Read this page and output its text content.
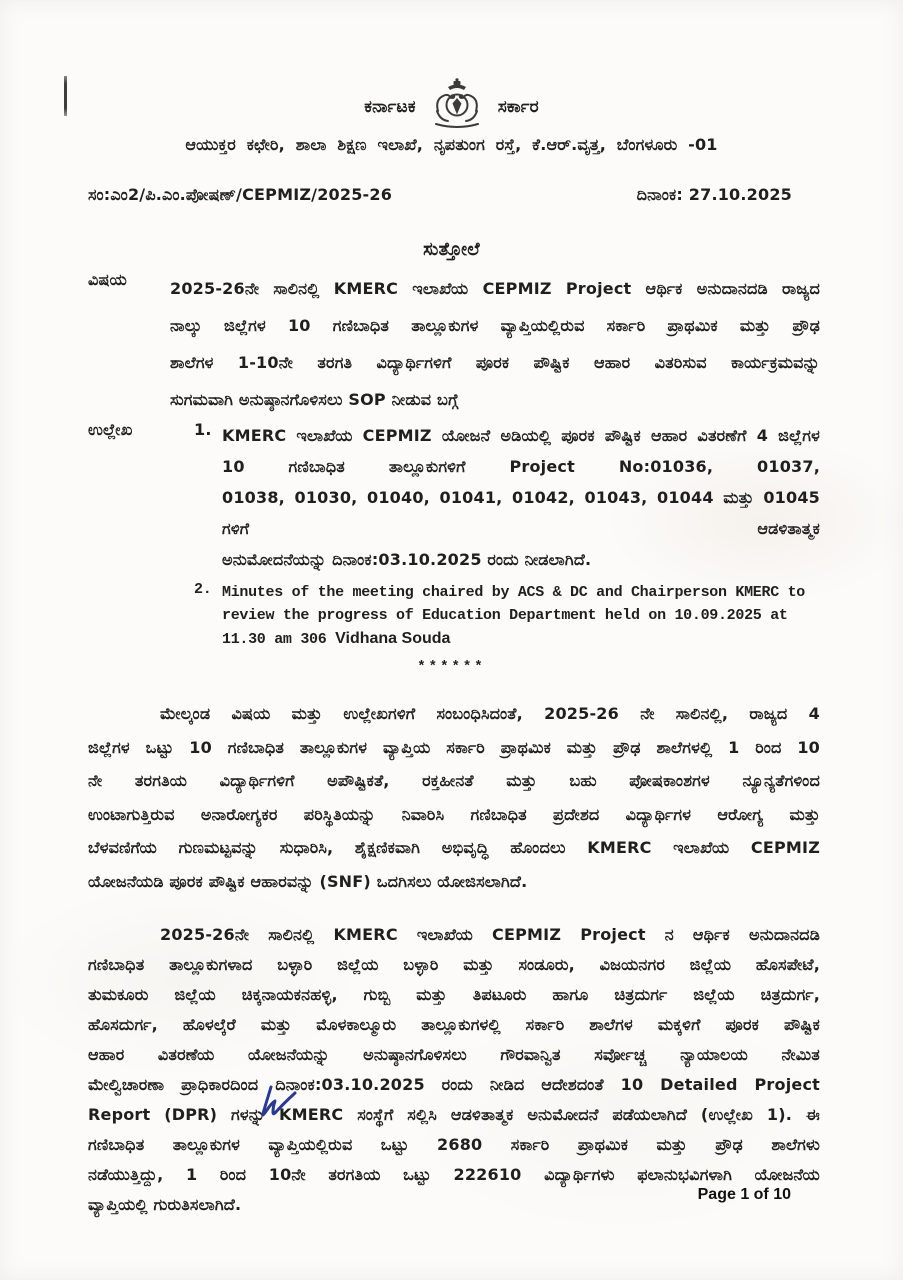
ಕರ್ನಾಟಕ	ಸರ್ಕಾರ
ಆಯುಕ್ತರ ಕಛೇರಿ, ಶಾಲಾ ಶಿಕ್ಷಣ ಇಲಾಖೆ, ನೃಪತುಂಗ ರಸ್ತೆ, ಕೆ.ಆರ್.ವೃತ್ತ, ಬೆಂಗಳೂರು -01
ಸಂ:ಎಂ2/ಪಿ.ಎಂ.ಪೋಷಣ್/CEPMIZ/2025-26	ದಿನಾಂಕ: 27.10.2025
ಸುತ್ತೋಲೆ
ವಿಷಯ	2025-26ನೇ ಸಾಲಿನಲ್ಲಿ KMERC ಇಲಾಖೆಯ CEPMIZ Project ಆರ್ಥಿಕ ಅನುದಾನದಡಿ ರಾಜ್ಯದ
ನಾಲ್ಕು ಜಿಲ್ಲೆಗಳ 10 ಗಣಿಬಾಧಿತ ತಾಲ್ಲೂಕುಗಳ ವ್ಯಾಪ್ತಿಯಲ್ಲಿರುವ ಸರ್ಕಾರಿ ಪ್ರಾಥಮಿಕ ಮತ್ತು ಪ್ರೌಢ
ಶಾಲೆಗಳ 1-10ನೇ ತರಗತಿ ವಿದ್ಯಾರ್ಥಿಗಳಿಗೆ ಪೂರಕ ಪೌಷ್ಟಿಕ ಆಹಾರ ವಿತರಿಸುವ ಕಾರ್ಯಕ್ರಮವನ್ನು
ಸುಗಮವಾಗಿ ಅನುಷ್ಠಾನಗೊಳಿಸಲು SOP ನೀಡುವ ಬಗ್ಗೆ
ಉಲ್ಲೇಖ	1. KMERC ಇಲಾಖೆಯ CEPMIZ ಯೋಜನೆ ಅಡಿಯಲ್ಲಿ ಪೂರಕ ಪೌಷ್ಟಿಕ ಆಹಾರ ವಿತರಣೆಗೆ 4 ಜಿಲ್ಲೆಗಳ
10 ಗಣಿಬಾಧಿತ ತಾಲ್ಲೂಕುಗಳಿಗೆ Project No:01036, 01037,
01038, 01030, 01040, 01041, 01042, 01043, 01044 ಮತ್ತು 01045 ಗಳಿಗೆ ಆಡಳಿತಾತ್ಮಕ
ಅನುಮೋದನೆಯನ್ನು ದಿನಾಂಕ:03.10.2025 ರಂದು ನೀಡಲಾಗಿದೆ.
2. Minutes of the meeting chaired by ACS & DC and Chairperson KMERC to
review the progress of Education Department held on 10.09.2025 at
11.30 am 306 Vidhana Souda
******
ಮೇಲ್ಕಂಡ ವಿಷಯ ಮತ್ತು ಉಲ್ಲೇಖಗಳಿಗೆ ಸಂಬಂಧಿಸಿದಂತೆ, 2025-26 ನೇ ಸಾಲಿನಲ್ಲಿ, ರಾಜ್ಯದ 4
ಜಿಲ್ಲೆಗಳ ಒಟ್ಟು 10 ಗಣಿಬಾಧಿತ ತಾಲ್ಲೂಕುಗಳ ವ್ಯಾಪ್ತಿಯ ಸರ್ಕಾರಿ ಪ್ರಾಥಮಿಕ ಮತ್ತು ಪ್ರೌಢ ಶಾಲೆಗಳಲ್ಲಿ 1 ರಿಂದ 10
ನೇ ತರಗತಿಯ ವಿದ್ಯಾರ್ಥಿಗಳಿಗೆ ಅಪೌಷ್ಟಿಕತೆ, ರಕ್ತಹೀನತೆ ಮತ್ತು ಬಹು ಪೋಷಕಾಂಶಗಳ ನ್ಯೂನ್ಯತೆಗಳಿಂದ
ಉಂಟಾಗುತ್ತಿರುವ ಅನಾರೋಗ್ಯಕರ ಪರಿಸ್ಥಿತಿಯನ್ನು ನಿವಾರಿಸಿ ಗಣಿಬಾಧಿತ ಪ್ರದೇಶದ ವಿದ್ಯಾರ್ಥಿಗಳ ಆರೋಗ್ಯ ಮತ್ತು
ಬೆಳವಣಿಗೆಯ ಗುಣಮಟ್ಟವನ್ನು ಸುಧಾರಿಸಿ, ಶೈಕ್ಷಣಿಕವಾಗಿ ಅಭಿವೃದ್ಧಿ ಹೊಂದಲು KMERC ಇಲಾಖೆಯ CEPMIZ
ಯೋಜನೆಯಡಿ ಪೂರಕ ಪೌಷ್ಟಿಕ ಆಹಾರವನ್ನು (SNF) ಒದಗಿಸಲು ಯೋಜಿಸಲಾಗಿದೆ.
2025-26ನೇ ಸಾಲಿನಲ್ಲಿ KMERC ಇಲಾಖೆಯ CEPMIZ Project ನ ಆರ್ಥಿಕ ಅನುದಾನದಡಿ
ಗಣಿಬಾಧಿತ ತಾಲ್ಲೂಕುಗಳಾದ ಬಳ್ಳಾರಿ ಜಿಲ್ಲೆಯ ಬಳ್ಳಾರಿ ಮತ್ತು ಸಂಡೂರು, ವಿಜಯನಗರ ಜಿಲ್ಲೆಯ ಹೊಸಪೇಟೆ,
ತುಮಕೂರು ಜಿಲ್ಲೆಯ ಚಿಕ್ಕನಾಯಕನಹಳ್ಳಿ, ಗುಬ್ಬಿ ಮತ್ತು ತಿಪಟೂರು ಹಾಗೂ ಚಿತ್ರದುರ್ಗ ಜಿಲ್ಲೆಯ ಚಿತ್ರದುರ್ಗ,
ಹೊಸದುರ್ಗ, ಹೊಳಲ್ಕೆರೆ ಮತ್ತು ಮೊಳಕಾಲ್ಮೂರು ತಾಲ್ಲೂಕುಗಳಲ್ಲಿ ಸರ್ಕಾರಿ ಶಾಲೆಗಳ ಮಕ್ಕಳಿಗೆ ಪೂರಕ ಪೌಷ್ಟಿಕ
ಆಹಾರ ವಿತರಣೆಯ ಯೋಜನೆಯನ್ನು ಅನುಷ್ಠಾನಗೊಳಿಸಲು ಗೌರವಾನ್ವಿತ ಸರ್ವೋಚ್ಚ ನ್ಯಾಯಾಲಯ ನೇಮಿತ
ಮೇಲ್ವಿಚಾರಣಾ ಪ್ರಾಧಿಕಾರದಿಂದ ದಿನಾಂಕ:03.10.2025 ರಂದು ನೀಡಿದ ಆದೇಶದಂತೆ 10 Detailed Project
Report (DPR) ಗಳನ್ನು KMERC ಸಂಸ್ಥೆಗೆ ಸಲ್ಲಿಸಿ ಆಡಳಿತಾತ್ಮಕ ಅನುಮೋದನೆ ಪಡೆಯಲಾಗಿದೆ (ಉಲ್ಲೇಖ 1). ಈ
ಗಣಿಬಾಧಿತ ತಾಲ್ಲೂಕುಗಳ ವ್ಯಾಪ್ತಿಯಲ್ಲಿರುವ ಒಟ್ಟು 2680 ಸರ್ಕಾರಿ ಪ್ರಾಥಮಿಕ ಮತ್ತು ಪ್ರೌಢ ಶಾಲೆಗಳು
ನಡೆಯುತ್ತಿದ್ದು, 1 ರಿಂದ 10ನೇ ತರಗತಿಯ ಒಟ್ಟು 222610 ವಿದ್ಯಾರ್ಥಿಗಳು ಫಲಾನುಭವಿಗಳಾಗಿ ಯೋಜನೆಯ
ವ್ಯಾಪ್ತಿಯಲ್ಲಿ ಗುರುತಿಸಲಾಗಿದೆ.
Page 1 of 10
